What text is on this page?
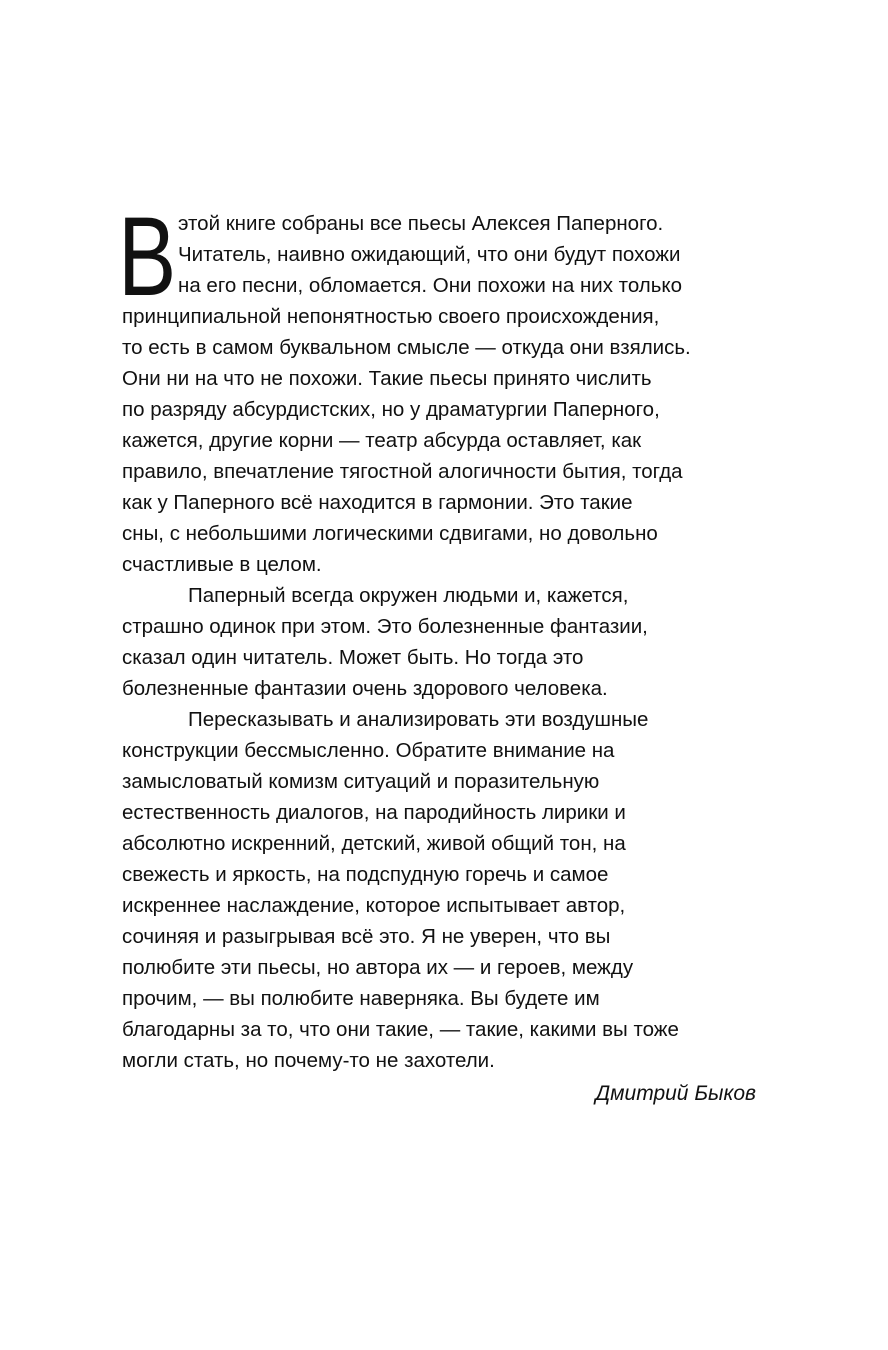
В этой книге собраны все пьесы Алексея Паперного.
Читатель, наивно ожидающий, что они будут похожи
на его песни, обломается. Они похожи на них только
принципиальной непонятностью своего происхождения,
то есть в самом буквальном смысле — откуда они взялись.
Они ни на что не похожи. Такие пьесы принято числить
по разряду абсурдистских, но у драматургии Паперного,
кажется, другие корни — театр абсурда оставляет, как
правило, впечатление тягостной алогичности бытия, тогда
как у Паперного всё находится в гармонии. Это такие
сны, с небольшими логическими сдвигами, но довольно
счастливые в целом.
Паперный всегда окружен людьми и, кажется,
страшно одинок при этом. Это болезненные фантазии,
сказал один читатель. Может быть. Но тогда это
болезненные фантазии очень здорового человека.
Пересказывать и анализировать эти воздушные
конструкции бессмысленно. Обратите внимание на
замысловатый комизм ситуаций и поразительную
естественность диалогов, на пародийность лирики и
абсолютно искренний, детский, живой общий тон, на
свежесть и яркость, на подспудную горечь и самое
искреннее наслаждение, которое испытывает автор,
сочиняя и разыгрывая всё это. Я не уверен, что вы
полюбите эти пьесы, но автора их — и героев, между
прочим, — вы полюбите наверняка. Вы будете им
благодарны за то, что они такие, — такие, какими вы тоже
могли стать, но почему-то не захотели.
Дмитрий Быков
